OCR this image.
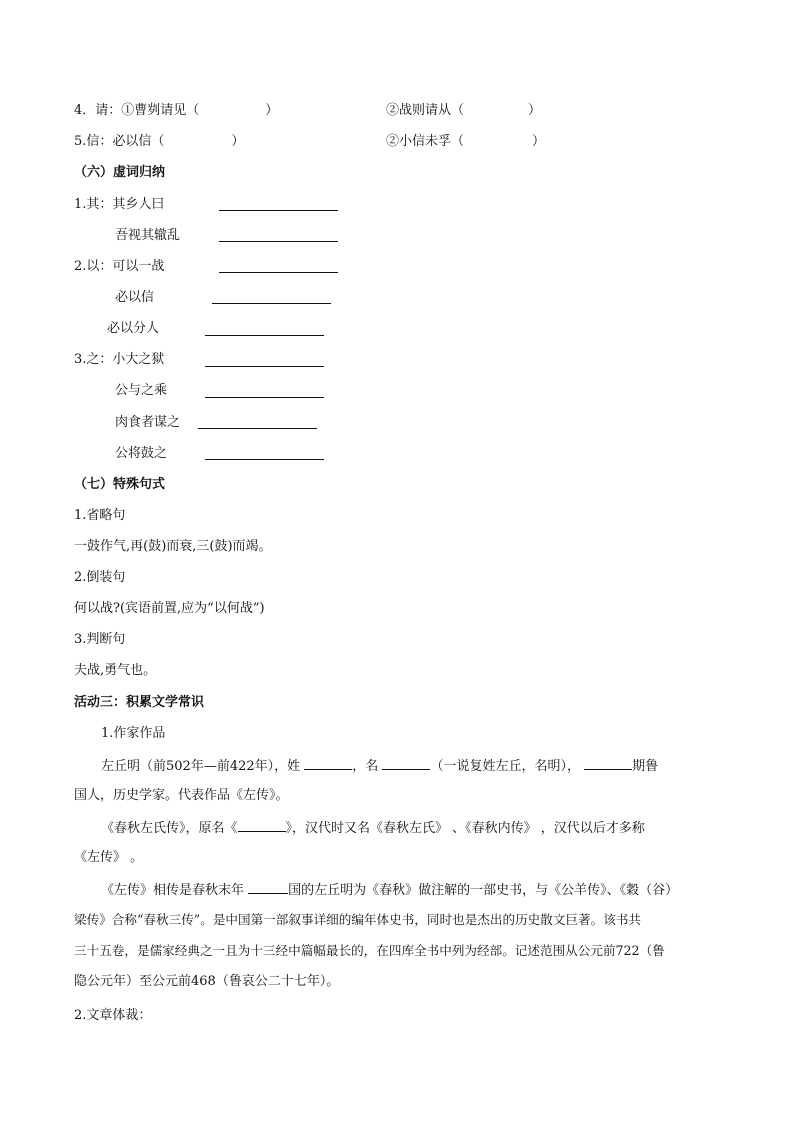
4．请：①曹刿请见（	）	②战则请从（	）
5.信：必以信（	）	②小信未孚（	）
（六）虚词归纳
1.其：其乡人曰
吾视其辙乱
2.以：可以一战
必以信
必以分人
3.之：小大之狱
公与之乘
肉食者谋之
公将鼓之
（七）特殊句式
1.省略句
一鼓作气,再(鼓)而衰,三(鼓)而竭。
2.倒装句
何以战?(宾语前置,应为“以何战”)
3.判断句
夫战,勇气也。
活动三：积累文学常识
1.作家作品
左丘明（前502年—前422年），姓	，名	（一说复姓左丘，名明），	期鲁
国人，历史学家。代表作品《左传》。
《春秋左氏传》，原名《	》，汉代时又名《春秋左氏》 、《春秋内传》 ，汉代以后才多称
《左传》 。
《左传》相传是春秋末年	国的左丘明为《春秋》做注解的一部史书，与《公羊传》、《穀（谷）
梁传》合称“春秋三传”。是中国第一部叙事详细的编年体史书，同时也是杰出的历史散文巨著。该书共
三十五卷，是儒家经典之一且为十三经中篇幅最长的，在四库全书中列为经部。记述范围从公元前722（鲁
隐公元年）至公元前468（鲁哀公二十七年）。
2.文章体裁：
